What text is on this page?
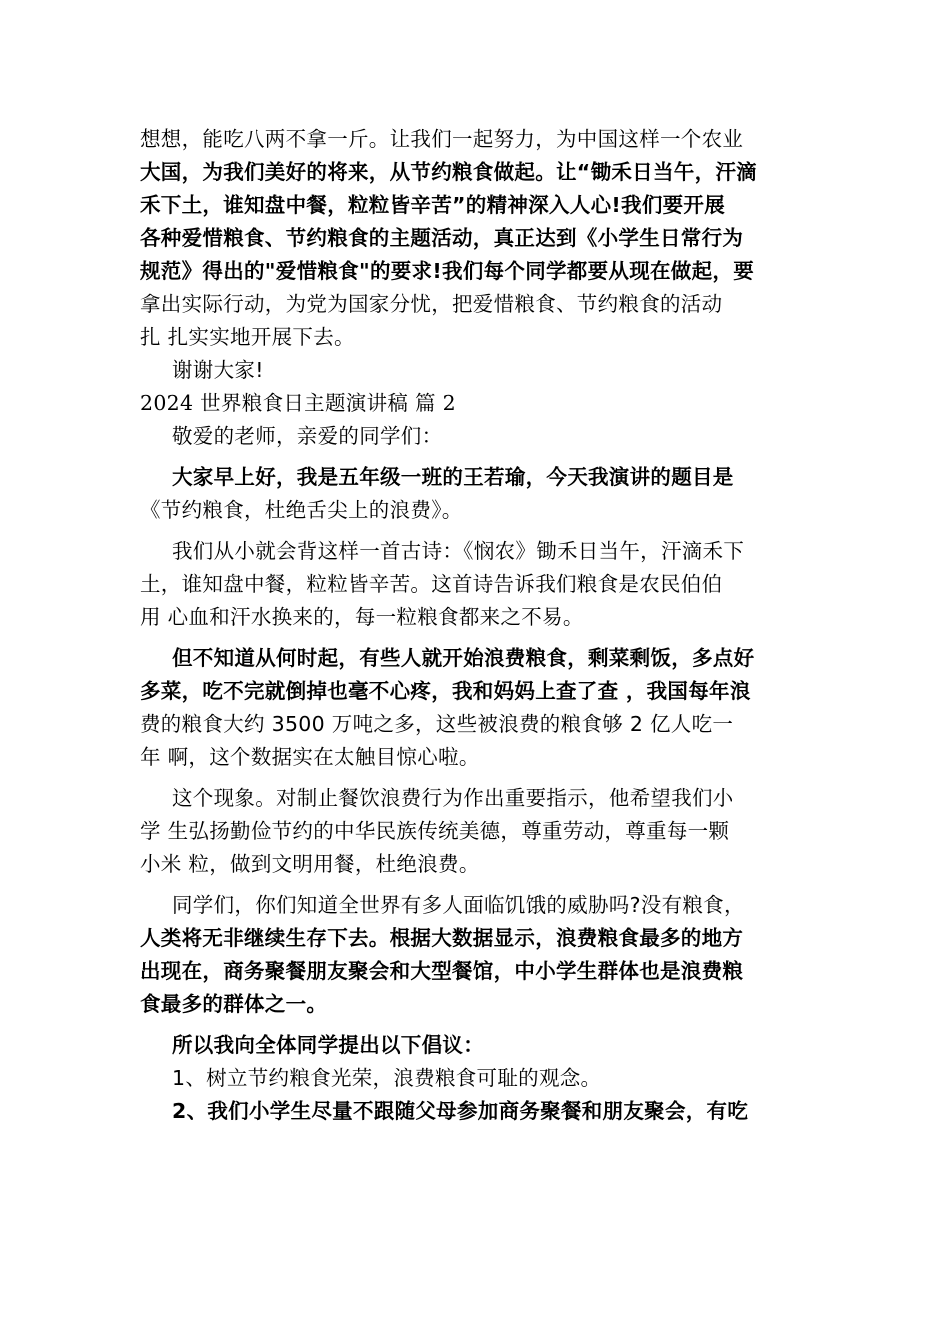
想想，能吃八两不拿一斤。让我们一起努力，为中国这样一个农业

大国，为我们美好的将来，从节约粮食做起。让“锄禾日当午，汗滴

禾下土，谁知盘中餐，粒粒皆辛苦”的精神深入人心!我们要开展

各种爱惜粮食、节约粮食的主题活动，真正达到《小学生日常行为

规范》得出的"爱惜粮食"的要求!我们每个同学都要从现在做起，要

拿出实际行动，为党为国家分忧，把爱惜粮食、节约粮食的活动

扎 扎实实地开展下去。

谢谢大家!

2024 世界粮食日主题演讲稿 篇 2

敬爱的老师，亲爱的同学们：

大家早上好，我是五年级一班的王若瑜，今天我演讲的题目是

《节约粮食，杜绝舌尖上的浪费》。

我们从小就会背这样一首古诗：《悯农》锄禾日当午，汗滴禾下

土，谁知盘中餐，粒粒皆辛苦。这首诗告诉我们粮食是农民伯伯

用 心血和汗水换来的，每一粒粮食都来之不易。

但不知道从何时起，有些人就开始浪费粮食，剩菜剩饭，多点好

多菜，吃不完就倒掉也毫不心疼，我和妈妈上查了查 ，我国每年浪

费的粮食大约 3500 万吨之多，这些被浪费的粮食够 2 亿人吃一

年 啊，这个数据实在太触目惊心啦。

这个现象。对制止餐饮浪费行为作出重要指示，他希望我们小

学 生弘扬勤俭节约的中华民族传统美德，尊重劳动，尊重每一颗

小米 粒，做到文明用餐，杜绝浪费。

同学们，你们知道全世界有多人面临饥饿的威胁吗?没有粮食，

人类将无非继续生存下去。根据大数据显示，浪费粮食最多的地方

出现在，商务聚餐朋友聚会和大型餐馆，中小学生群体也是浪费粮

食最多的群体之一。

所以我向全体同学提出以下倡议：

1、树立节约粮食光荣，浪费粮食可耻的观念。

2、我们小学生尽量不跟随父母参加商务聚餐和朋友聚会，有吃
